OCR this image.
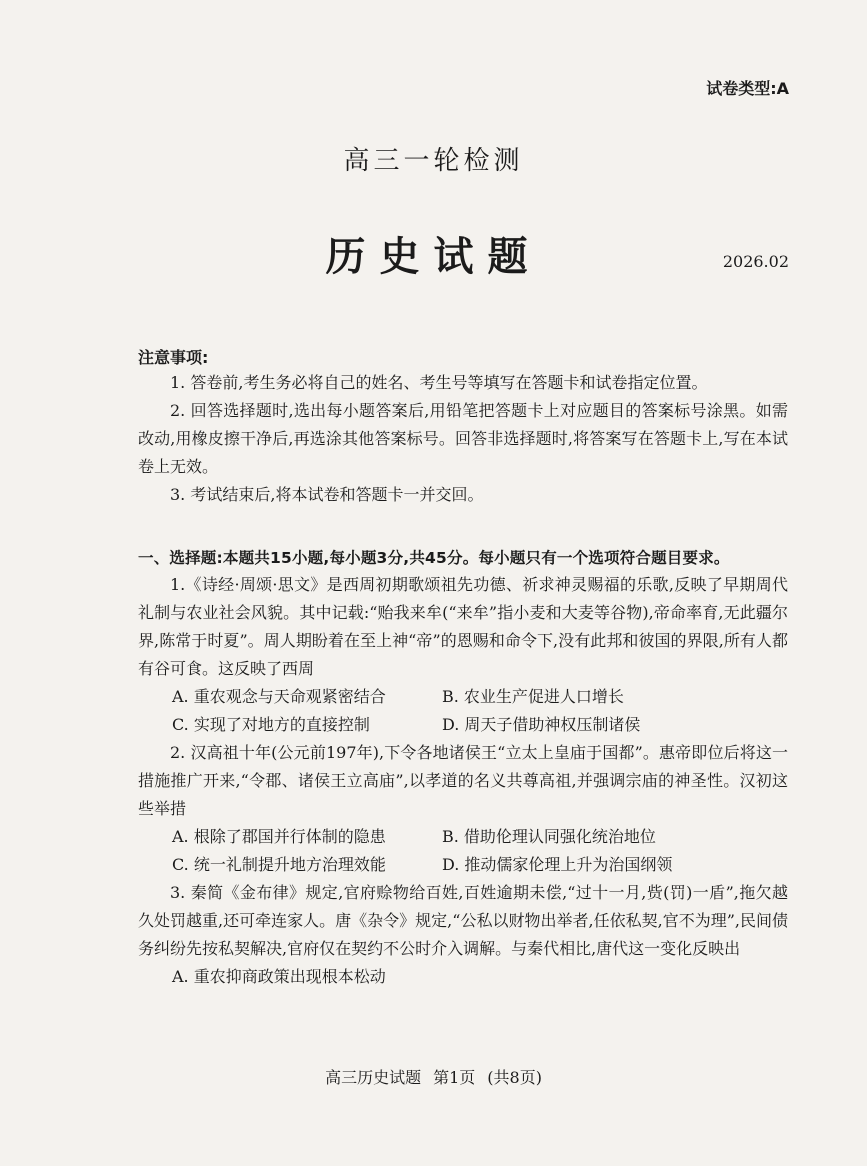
试卷类型:A
高三一轮检测
历史试题	2026.02
注意事项:

1. 答卷前,考生务必将自己的姓名、考生号等填写在答题卡和试卷指定位置。

2. 回答选择题时,选出每小题答案后,用铅笔把答题卡上对应题目的答案标号涂黑。如需改动,用橡皮擦干净后,再选涂其他答案标号。回答非选择题时,将答案写在答题卡上,写在本试卷上无效。

3. 考试结束后,将本试卷和答题卡一并交回。

一、选择题:本题共15小题,每小题3分,共45分。每小题只有一个选项符合题目要求。
1.《诗经·周颂·思文》是西周初期歌颂祖先功德、祈求神灵赐福的乐歌,反映了早期周代礼制与农业社会风貌。其中记载:“贻我来牟(“来牟”指小麦和大麦等谷物),帝命率育,无此疆尔界,陈常于时夏”。周人期盼着在至上神“帝”的恩赐和命令下,没有此邦和彼国的界限,所有人都有谷可食。这反映了西周
A. 重农观念与天命观紧密结合	B. 农业生产促进人口增长
C. 实现了对地方的直接控制	D. 周天子借助神权压制诸侯
2. 汉高祖十年(公元前197年),下令各地诸侯王“立太上皇庙于国都”。惠帝即位后将这一措施推广开来,“令郡、诸侯王立高庙”,以孝道的名义共尊高祖,并强调宗庙的神圣性。汉初这些举措
A. 根除了郡国并行体制的隐患	B. 借助伦理认同强化统治地位
C. 统一礼制提升地方治理效能	D. 推动儒家伦理上升为治国纲领
3. 秦简《金布律》规定,官府赊物给百姓,百姓逾期未偿,“过十一月,赀(罚)一盾”,拖欠越久处罚越重,还可牵连家人。唐《杂令》规定,“公私以财物出举者,任依私契,官不为理”,民间债务纠纷先按私契解决,官府仅在契约不公时介入调解。与秦代相比,唐代这一变化反映出
A. 重农抑商政策出现根本松动
高三历史试题 第1页 (共8页)
